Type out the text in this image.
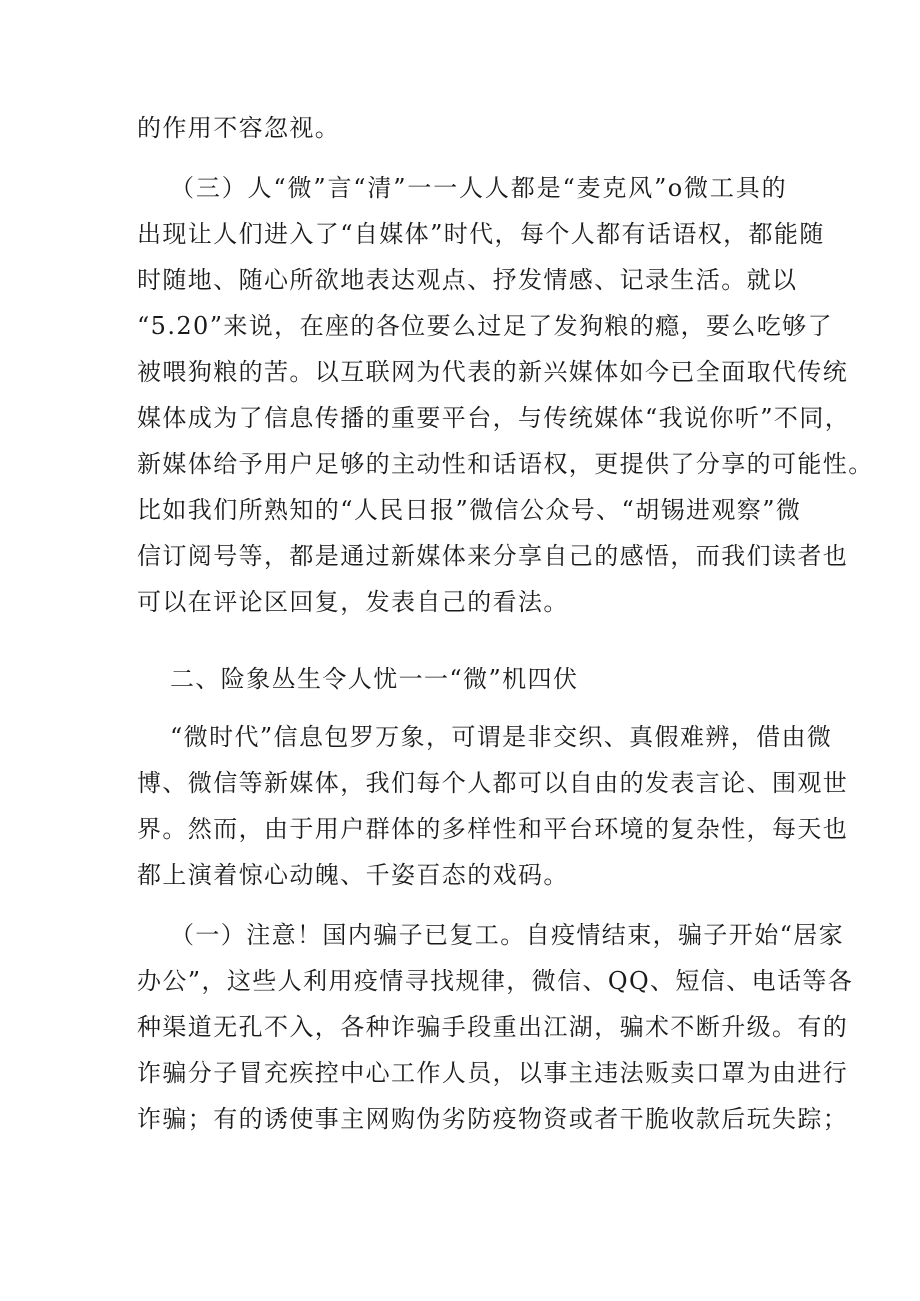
的作用不容忽视。
（三）人“微”言“清”一一人人都是“麦克风”o微工具的
出现让人们进入了“自媒体”时代，每个人都有话语权，都能随
时随地、随心所欲地表达观点、抒发情感、记录生活。就以
“5.20”来说，在座的各位要么过足了发狗粮的瘾，要么吃够了
被喂狗粮的苦。以互联网为代表的新兴媒体如今已全面取代传统
媒体成为了信息传播的重要平台，与传统媒体“我说你听”不同，
新媒体给予用户足够的主动性和话语权，更提供了分享的可能性。
比如我们所熟知的“人民日报”微信公众号、“胡锡进观察”微
信订阅号等，都是通过新媒体来分享自己的感悟，而我们读者也
可以在评论区回复，发表自己的看法。
二、险象丛生令人忧一一“微”机四伏
“微时代”信息包罗万象，可谓是非交织、真假难辨，借由微
博、微信等新媒体，我们每个人都可以自由的发表言论、围观世
界。然而，由于用户群体的多样性和平台环境的复杂性，每天也
都上演着惊心动魄、千姿百态的戏码。
（一）注意！国内骗子已复工。自疫情结束，骗子开始“居家
办公”，这些人利用疫情寻找规律，微信、QQ、短信、电话等各
种渠道无孔不入，各种诈骗手段重出江湖，骗术不断升级。有的
诈骗分子冒充疾控中心工作人员，以事主违法贩卖口罩为由进行
诈骗；有的诱使事主网购伪劣防疫物资或者干脆收款后玩失踪；
